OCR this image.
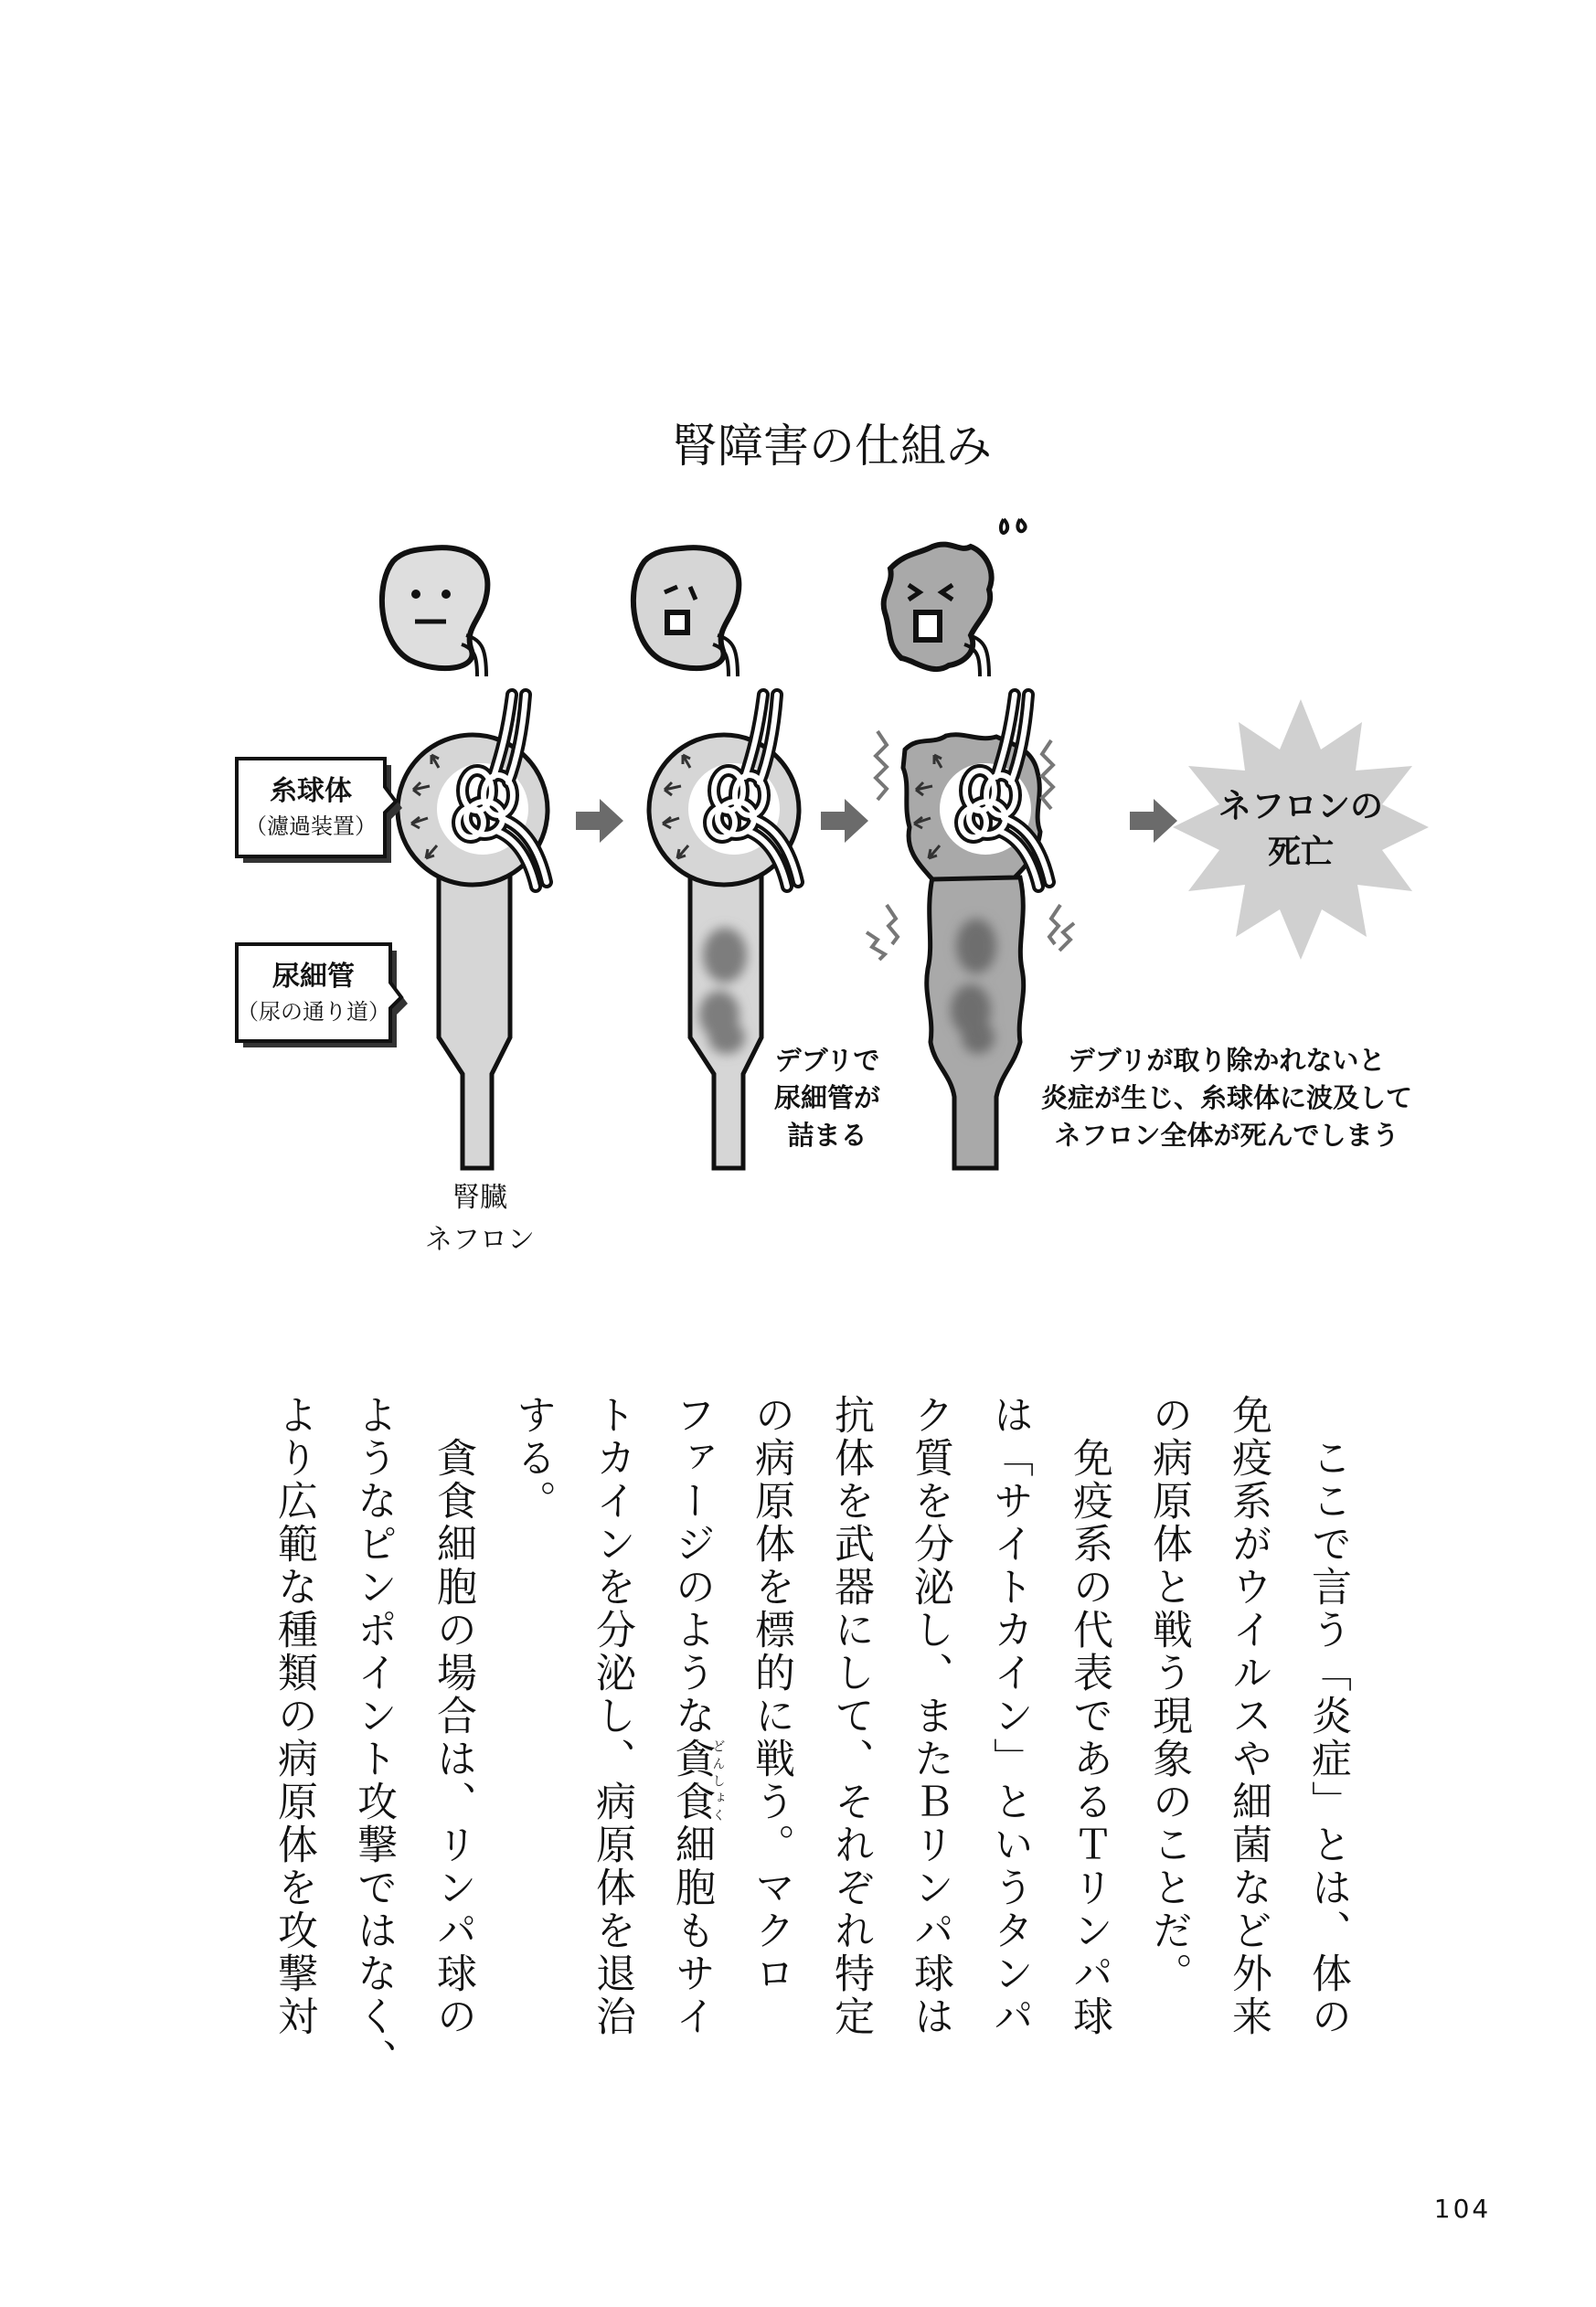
腎障害の仕組み
糸球体
（濾過装置）
尿細管
（尿の通り道）
腎臓
ネフロン
デブリで
尿細管が
詰まる
デブリが取り除かれないと
炎症が生じ、糸球体に波及して
ネフロン全体が死んでしまう
ネフロンの
死亡
ここで言う「炎症」とは、体の
免疫系がウイルスや細菌など外来
の病原体と戦う現象のことだ。
免疫系の代表であるＴリンパ球
は「サイトカイン」というタンパ
ク質を分泌し、またＢリンパ球は
抗体を武器にして、それぞれ特定
の病原体を標的に戦う。マクロ
ファージのような貪食どんしょく細胞もサイ
トカインを分泌し、病原体を退治
する。
貪食細胞の場合は、リンパ球の
ようなピンポイント攻撃ではなく、
より広範な種類の病原体を攻撃対
104
